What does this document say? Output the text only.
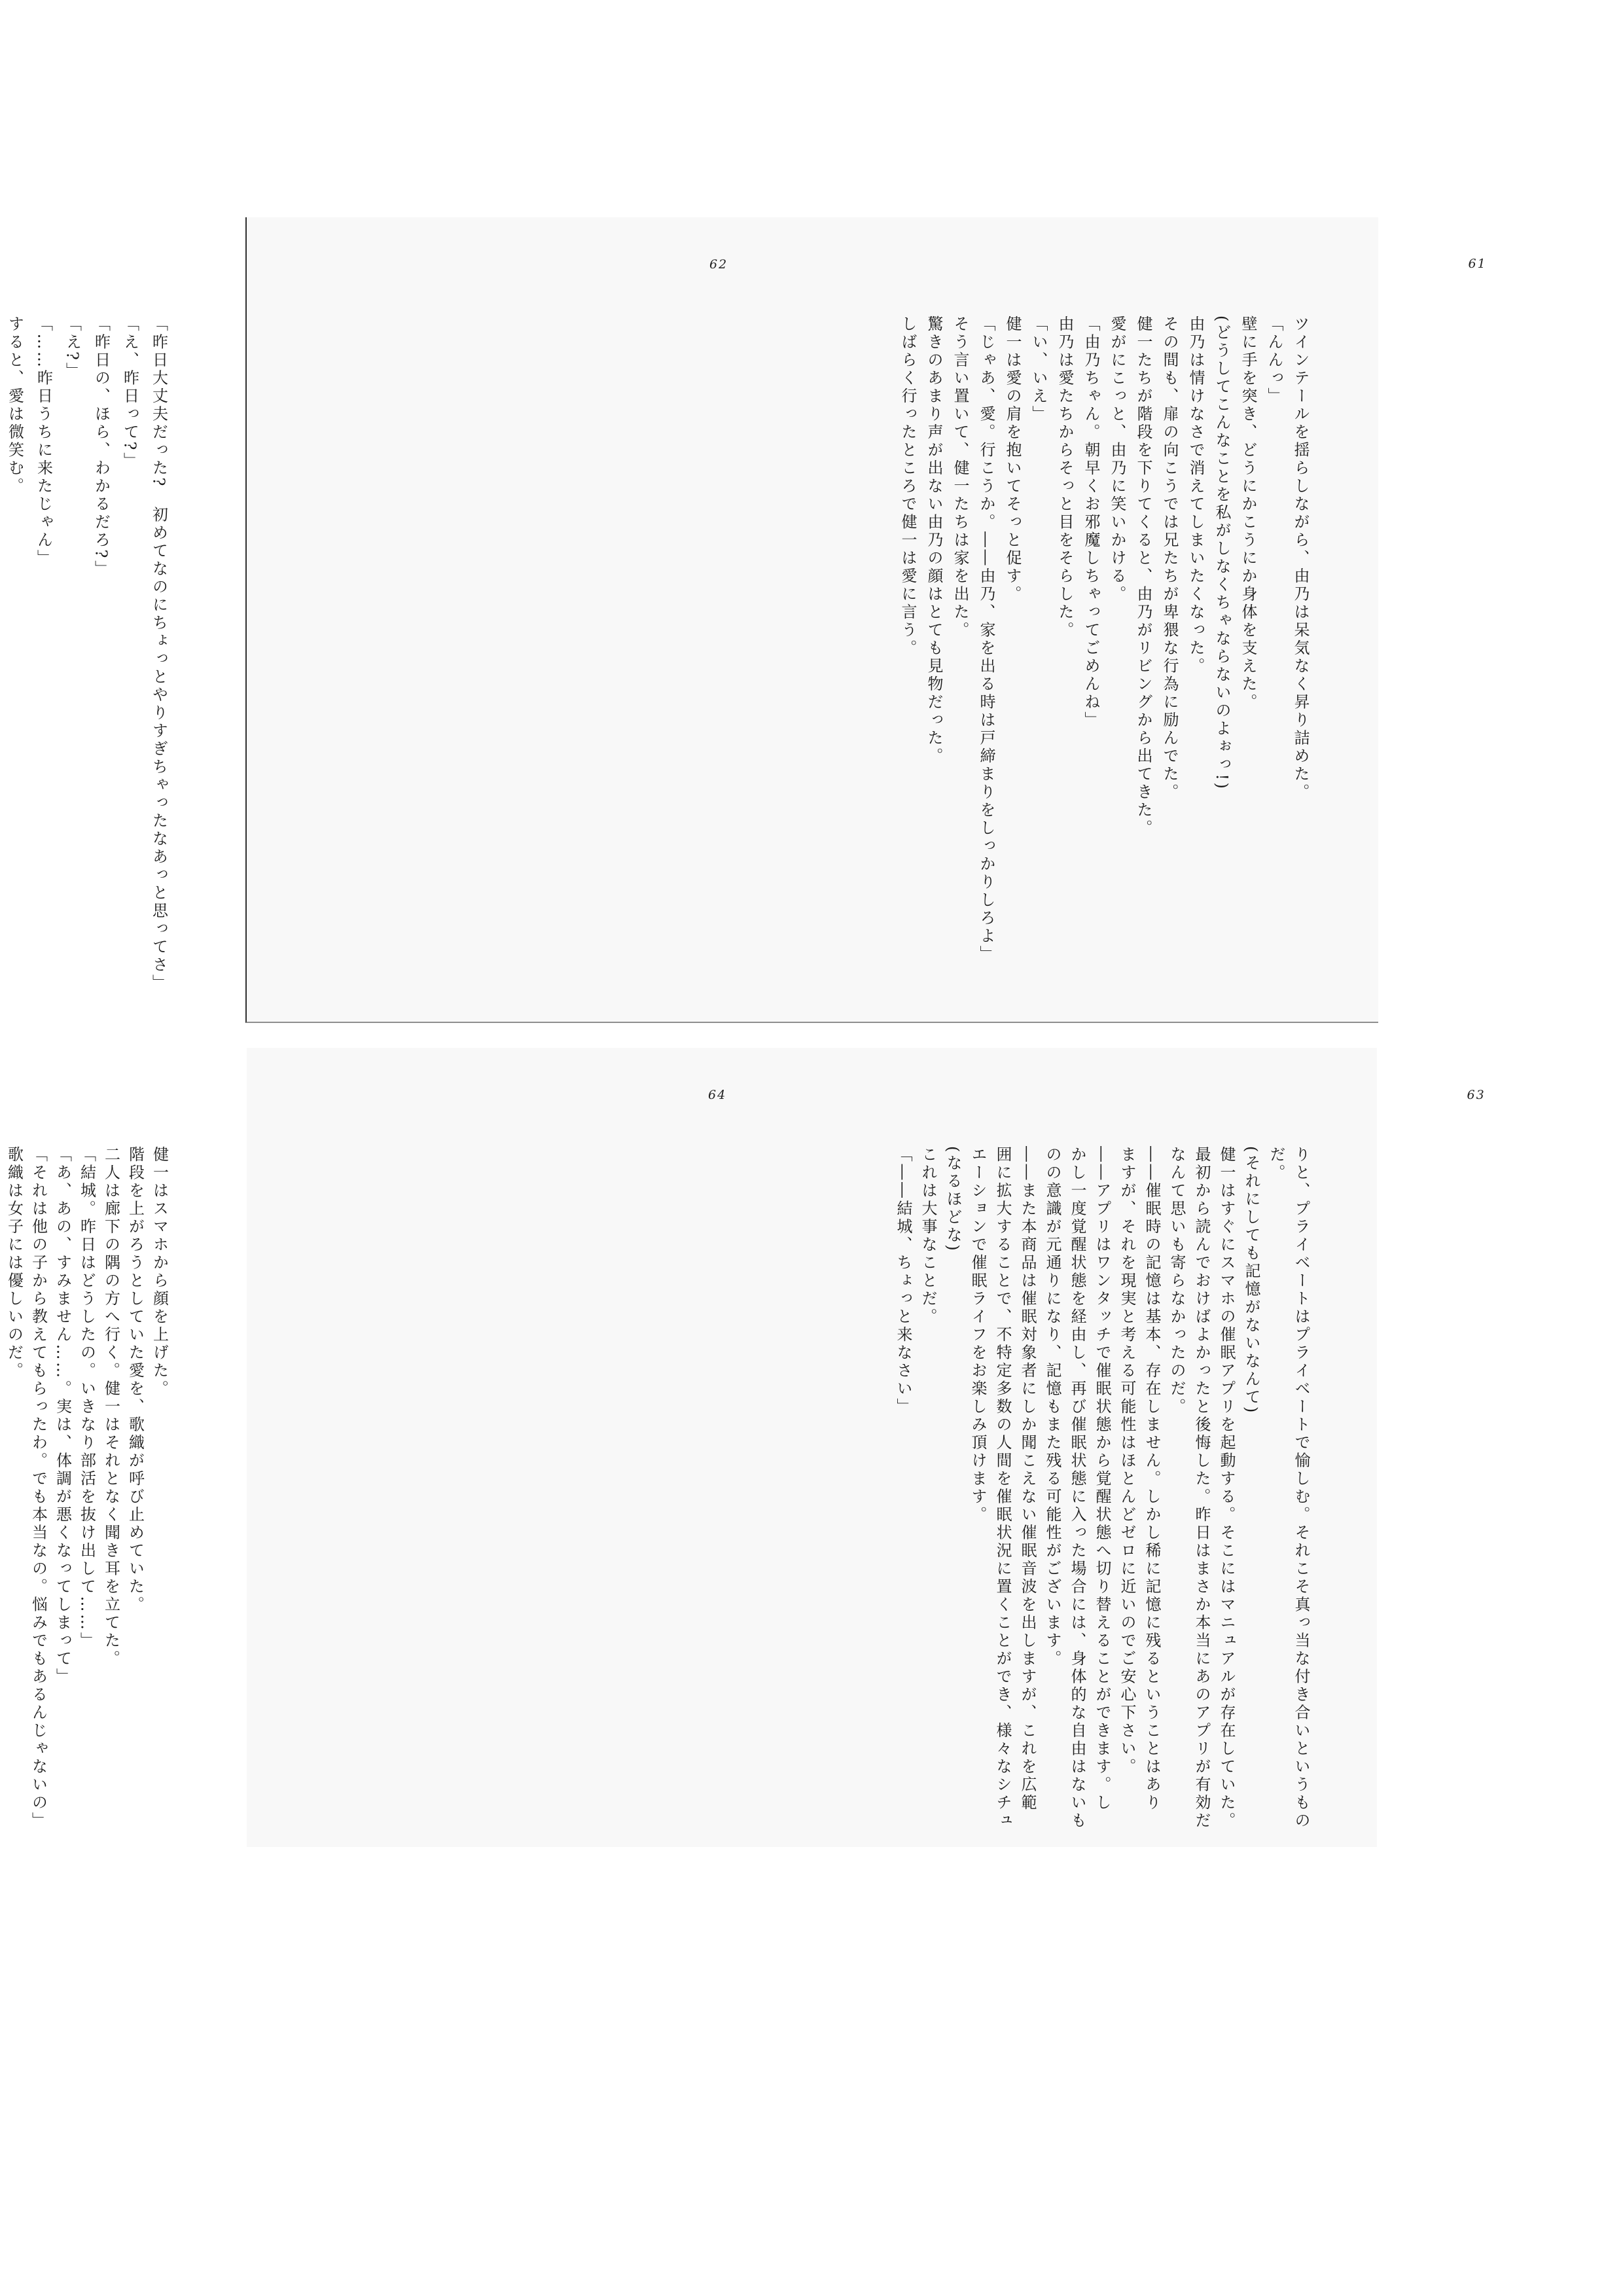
61

ツインテールを揺らしながら、由乃は呆気なく昇り詰めた。

「んんっ」

壁に手を突き、どうにかこうにか身体を支えた。

(どうしてこんなことを私がしなくちゃならないのよぉっ!)

由乃は情けなさで消えてしまいたくなった。

その間も、扉の向こうでは兄たちが卑猥な行為に励んでた。

健一たちが階段を下りてくると、由乃がリビングから出てきた。

愛がにこっと、由乃に笑いかける。

「由乃ちゃん。朝早くお邪魔しちゃってごめんね」

由乃は愛たちからそっと目をそらした。

「い、いえ」

健一は愛の肩を抱いてそっと促す。

「じゃあ、愛。行こうか。――由乃、家を出る時は戸締まりをしっかりしろよ」

そう言い置いて、健一たちは家を出た。

驚きのあまり声が出ない由乃の顔はとても見物だった。

しばらく行ったところで健一は愛に言う。

62

「昨日大丈夫だった?　初めてなのにちょっとやりすぎちゃったなあっと思ってさ」

「え、昨日って?」

「昨日の、ほら、わかるだろ?」

「え?」

「……昨日うちに来たじゃん」

すると、愛は微笑む。

63

りと、プライベートはプライベートで愉しむ。それこそ真っ当な付き合いというもの

だ。

(それにしても記憶がないなんて)

健一はすぐにスマホの催眠アプリを起動する。そこにはマニュアルが存在していた。

最初から読んでおけばよかったと後悔した。昨日はまさか本当にあのアプリが有効だ

なんて思いも寄らなかったのだ。

――催眠時の記憶は基本、存在しません。しかし稀に記憶に残るということはあり

ますが、それを現実と考える可能性はほとんどゼロに近いのでご安心下さい。

――アプリはワンタッチで催眠状態から覚醒状態へ切り替えることができます。し

かし一度覚醒状態を経由し、再び催眠状態に入った場合には、身体的な自由はないも

のの意識が元通りになり、記憶もまた残る可能性がございます。

――また本商品は催眠対象者にしか聞こえない催眠音波を出しますが、これを広範

囲に拡大することで、不特定多数の人間を催眠状況に置くことができ、様々なシチュ

エーションで催眠ライフをお楽しみ頂けます。

(なるほどな)

これは大事なことだ。

「――結城、ちょっと来なさい」

64

健一はスマホから顔を上げた。

階段を上がろうとしていた愛を、歌織が呼び止めていた。

二人は廊下の隅の方へ行く。健一はそれとなく聞き耳を立てた。

「結城。昨日はどうしたの。いきなり部活を抜け出して……」

「あ、あの、すみません……。実は、体調が悪くなってしまって」

「それは他の子から教えてもらったわ。でも本当なの。悩みでもあるんじゃないの」

歌織は女子には優しいのだ。
